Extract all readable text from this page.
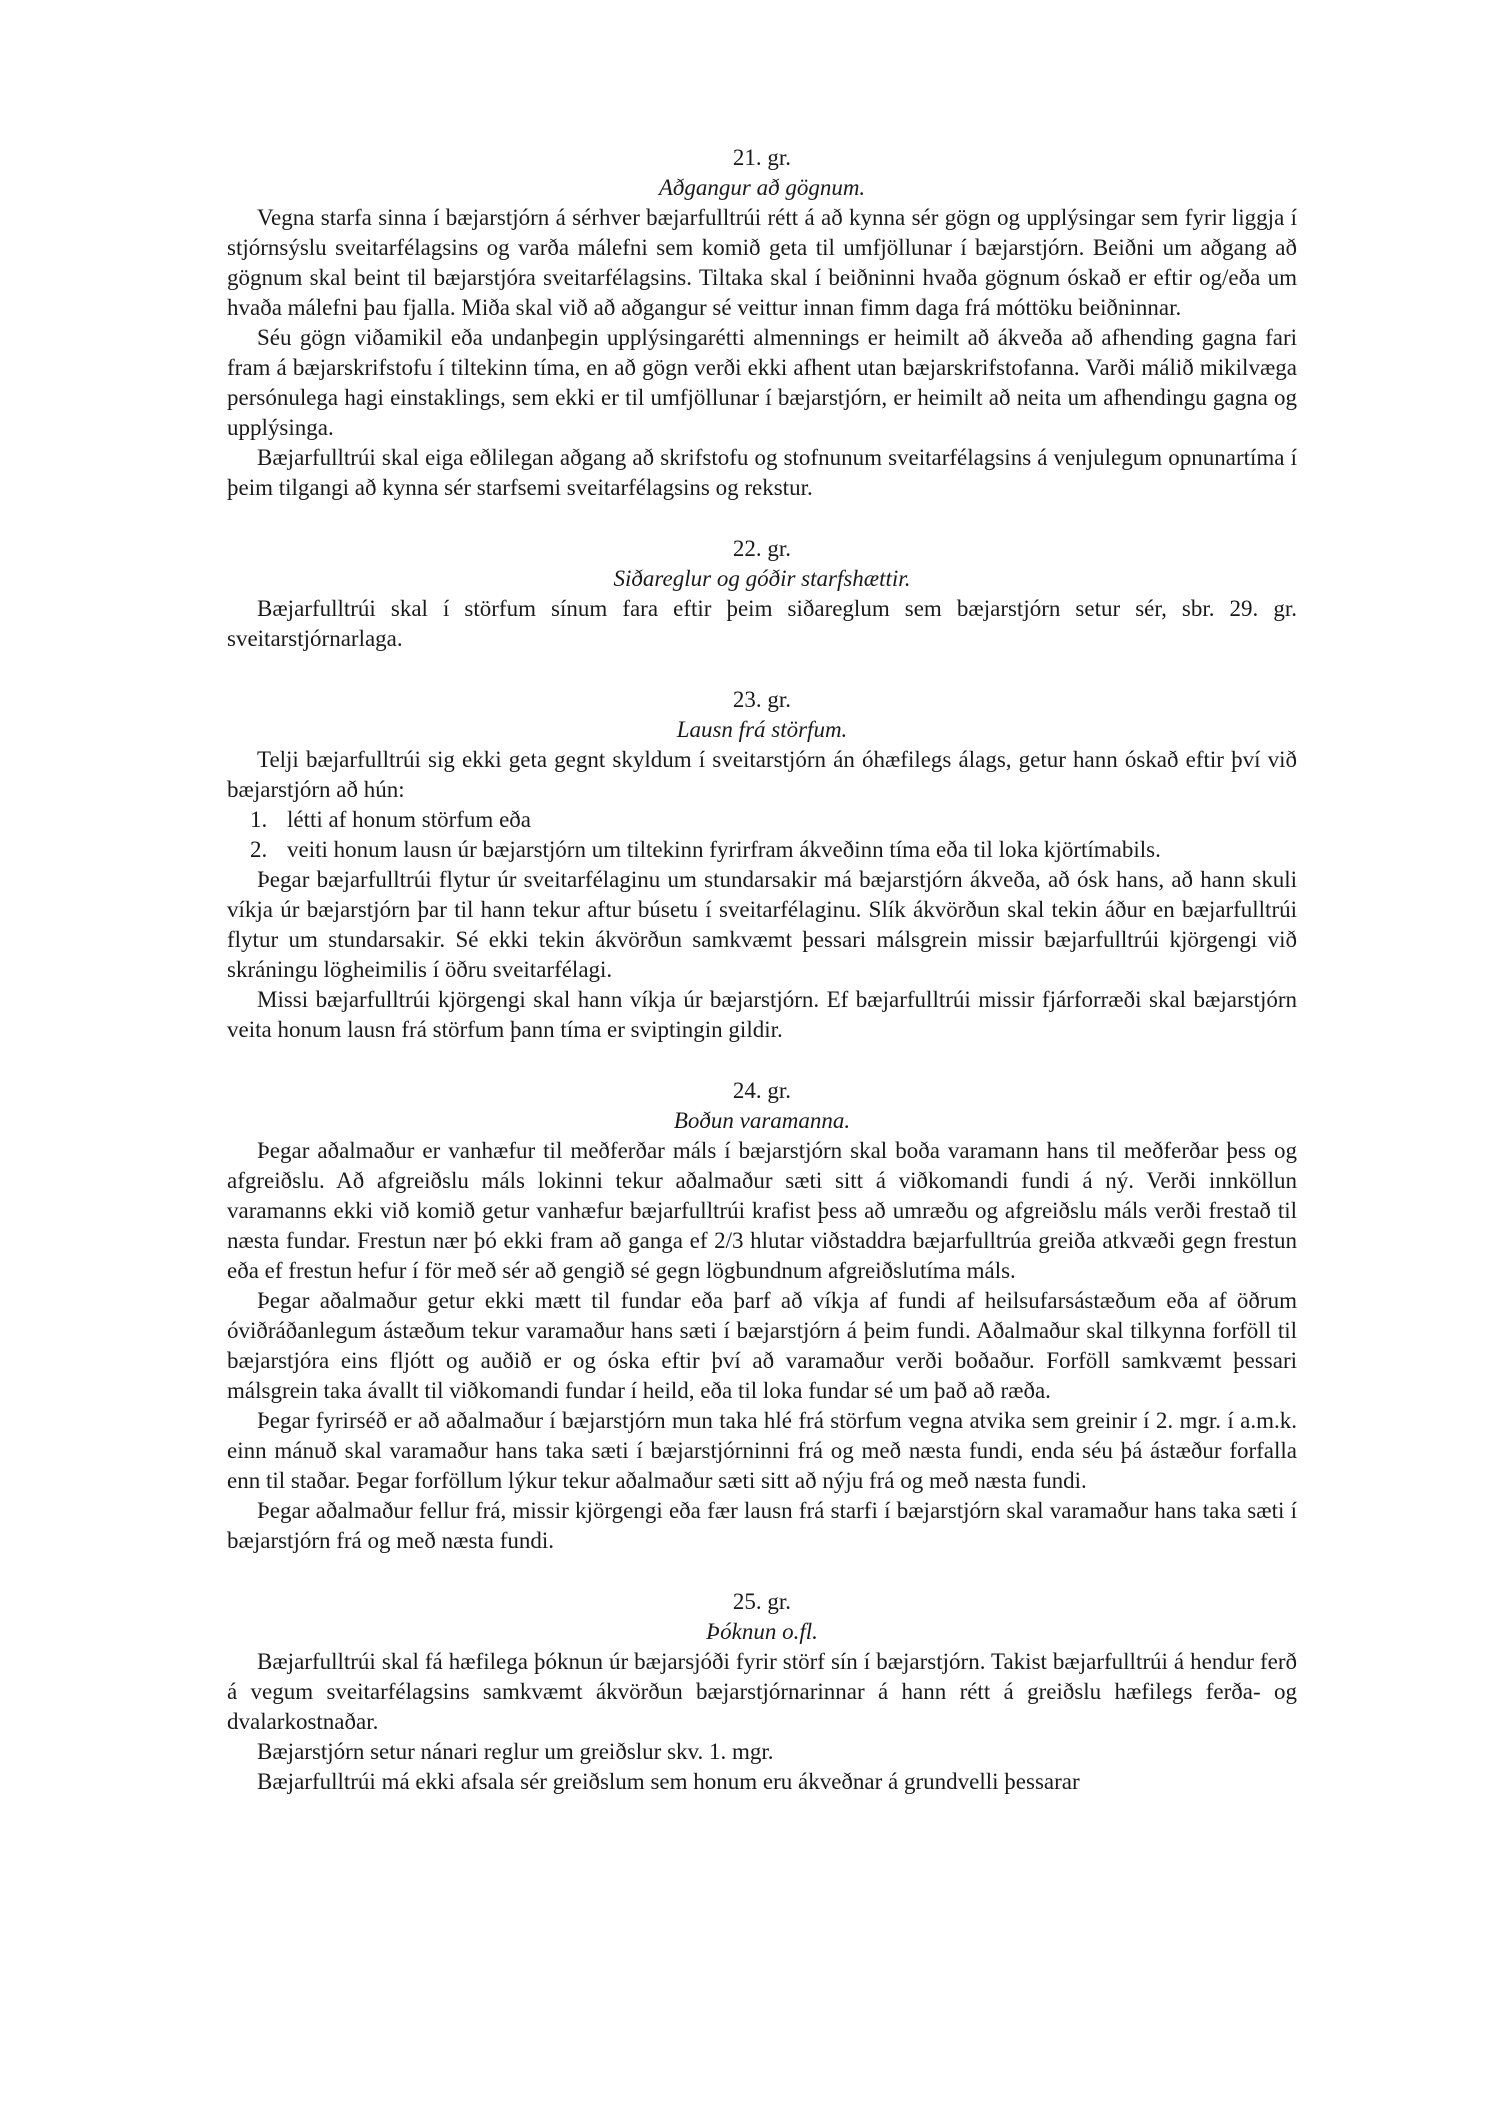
21. gr.
Aðgangur að gögnum.

Vegna starfa sinna í bæjarstjórn á sérhver bæjarfulltrúi rétt á að kynna sér gögn og upplýsingar sem fyrir liggja í stjórnsýslu sveitarfélagsins og varða málefni sem komið geta til umfjöllunar í bæjarstjórn. Beiðni um aðgang að gögnum skal beint til bæjarstjóra sveitarfélagsins. Tiltaka skal í beiðninni hvaða gögnum óskað er eftir og/eða um hvaða málefni þau fjalla. Miða skal við að aðgangur sé veittur innan fimm daga frá móttöku beiðninnar.

Séu gögn viðamikil eða undanþegin upplýsingarétti almennings er heimilt að ákveða að afhending gagna fari fram á bæjarskrifstofu í tiltekinn tíma, en að gögn verði ekki afhent utan bæjarskrifstofanna. Varði málið mikilvæga persónulega hagi einstaklings, sem ekki er til umfjöllunar í bæjarstjórn, er heimilt að neita um afhendingu gagna og upplýsinga.

Bæjarfulltrúi skal eiga eðlilegan aðgang að skrifstofu og stofnunum sveitarfélagsins á venjulegum opnunartíma í þeim tilgangi að kynna sér starfsemi sveitarfélagsins og rekstur.

22. gr.
Siðareglur og góðir starfshættir.

Bæjarfulltrúi skal í störfum sínum fara eftir þeim siðareglum sem bæjarstjórn setur sér, sbr. 29. gr. sveitarstjórnarlaga.

23. gr.
Lausn frá störfum.

Telji bæjarfulltrúi sig ekki geta gegnt skyldum í sveitarstjórn án óhæfilegs álags, getur hann óskað eftir því við bæjarstjórn að hún:

1. létti af honum störfum eða
2. veiti honum lausn úr bæjarstjórn um tiltekinn fyrirfram ákveðinn tíma eða til loka kjörtímabils.

Þegar bæjarfulltrúi flytur úr sveitarfélaginu um stundarsakir má bæjarstjórn ákveða, að ósk hans, að hann skuli víkja úr bæjarstjórn þar til hann tekur aftur búsetu í sveitarfélaginu. Slík ákvörðun skal tekin áður en bæjarfulltrúi flytur um stundarsakir. Sé ekki tekin ákvörðun samkvæmt þessari málsgrein missir bæjarfulltrúi kjörgengi við skráningu lögheimilis í öðru sveitarfélagi.

Missi bæjarfulltrúi kjörgengi skal hann víkja úr bæjarstjórn. Ef bæjarfulltrúi missir fjárforræði skal bæjarstjórn veita honum lausn frá störfum þann tíma er sviptingin gildir.

24. gr.
Boðun varamanna.

Þegar aðalmaður er vanhæfur til meðferðar máls í bæjarstjórn skal boða varamann hans til meðferðar þess og afgreiðslu. Að afgreiðslu máls lokinni tekur aðalmaður sæti sitt á viðkomandi fundi á ný. Verði innköllun varamanns ekki við komið getur vanhæfur bæjarfulltrúi krafist þess að umræðu og afgreiðslu máls verði frestað til næsta fundar. Frestun nær þó ekki fram að ganga ef 2/3 hlutar viðstaddra bæjarfulltrúa greiða atkvæði gegn frestun eða ef frestun hefur í för með sér að gengið sé gegn lögbundnum afgreiðslutíma máls.

Þegar aðalmaður getur ekki mætt til fundar eða þarf að víkja af fundi af heilsufarsástæðum eða af öðrum óviðráðanlegum ástæðum tekur varamaður hans sæti í bæjarstjórn á þeim fundi. Aðalmaður skal tilkynna forföll til bæjarstjóra eins fljótt og auðið er og óska eftir því að varamaður verði boðaður. Forföll samkvæmt þessari málsgrein taka ávallt til viðkomandi fundar í heild, eða til loka fundar sé um það að ræða.

Þegar fyrirséð er að aðalmaður í bæjarstjórn mun taka hlé frá störfum vegna atvika sem greinir í 2. mgr. í a.m.k. einn mánuð skal varamaður hans taka sæti í bæjarstjórninni frá og með næsta fundi, enda séu þá ástæður forfalla enn til staðar. Þegar forföllum lýkur tekur aðalmaður sæti sitt að nýju frá og með næsta fundi.

Þegar aðalmaður fellur frá, missir kjörgengi eða fær lausn frá starfi í bæjarstjórn skal varamaður hans taka sæti í bæjarstjórn frá og með næsta fundi.

25. gr.
Þóknun o.fl.

Bæjarfulltrúi skal fá hæfilega þóknun úr bæjarsjóði fyrir störf sín í bæjarstjórn. Takist bæjarfulltrúi á hendur ferð á vegum sveitarfélagsins samkvæmt ákvörðun bæjarstjórnarinnar á hann rétt á greiðslu hæfilegs ferða- og dvalarkostnaðar.

Bæjarstjórn setur nánari reglur um greiðslur skv. 1. mgr.

Bæjarfulltrúi má ekki afsala sér greiðslum sem honum eru ákveðnar á grundvelli þessarar
